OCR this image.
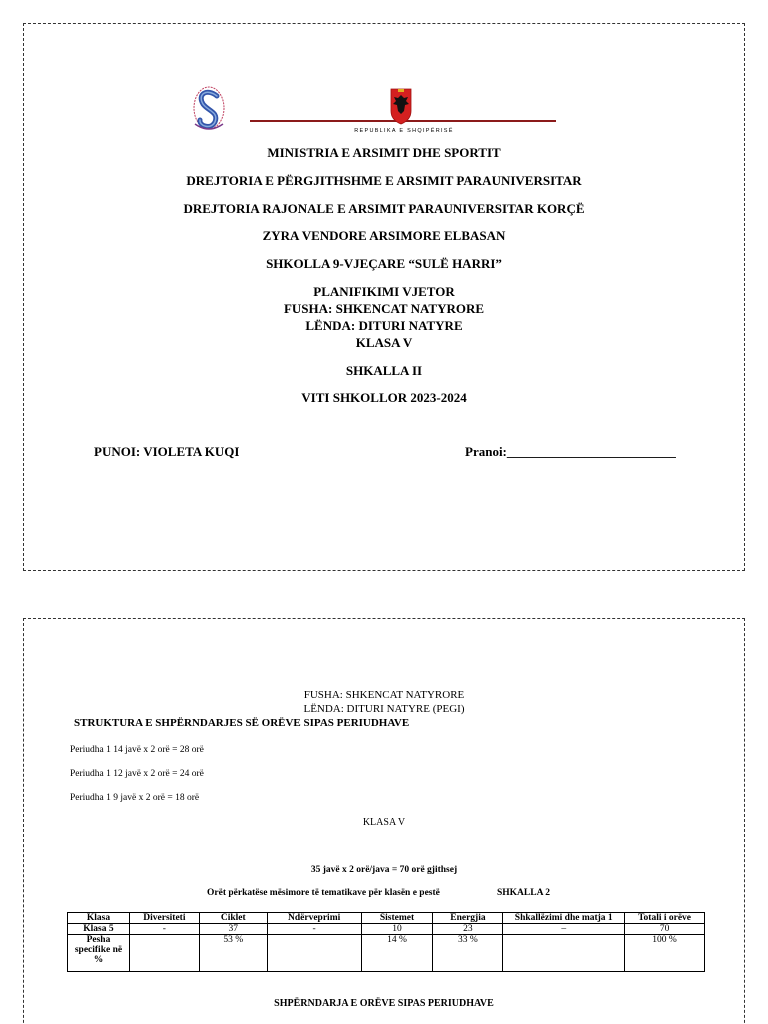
REPUBLIKA E SHQIPËRISË
MINISTRIA E ARSIMIT DHE SPORTIT
DREJTORIA E PËRGJITHSHME E ARSIMIT PARAUNIVERSITAR
DREJTORIA RAJONALE E ARSIMIT PARAUNIVERSITAR KORÇË
ZYRA VENDORE ARSIMORE ELBASAN
SHKOLLA 9-VJEÇARE “SULË HARRI”
PLANIFIKIMI VJETOR
FUSHA: SHKENCAT NATYRORE
LËNDA: DITURI NATYRE
KLASA V
SHKALLA II
VITI SHKOLLOR 2023-2024
PUNOI: VIOLETA KUQI	Pranoi:__________________________
FUSHA: SHKENCAT NATYRORE
LËNDA: DITURI NATYRE (PEGI)
STRUKTURA E SHPËRNDARJES SË ORËVE SIPAS PERIUDHAVE
Periudha 1 14 javë x 2 orë = 28 orë
Periudha 1 12 javë x 2 orë = 24 orë
Periudha 1 9 javë x 2 orë = 18 orë
KLASA V
35 javë x 2 orë/java = 70 orë gjithsej
Orët përkatëse mësimore të tematikave për klasën e pestë	SHKALLA 2
Klasa	Diversiteti	Ciklet	Ndërveprimi	Sistemet	Energjia	Shkallëzimi dhe matja 1	Totali i orëve
Klasa 5	-	37	-	10	23	–	70
Pesha specifike në %		53 %		14 %	33 %		100 %
SHPËRNDARJA E ORËVE SIPAS PERIUDHAVE
